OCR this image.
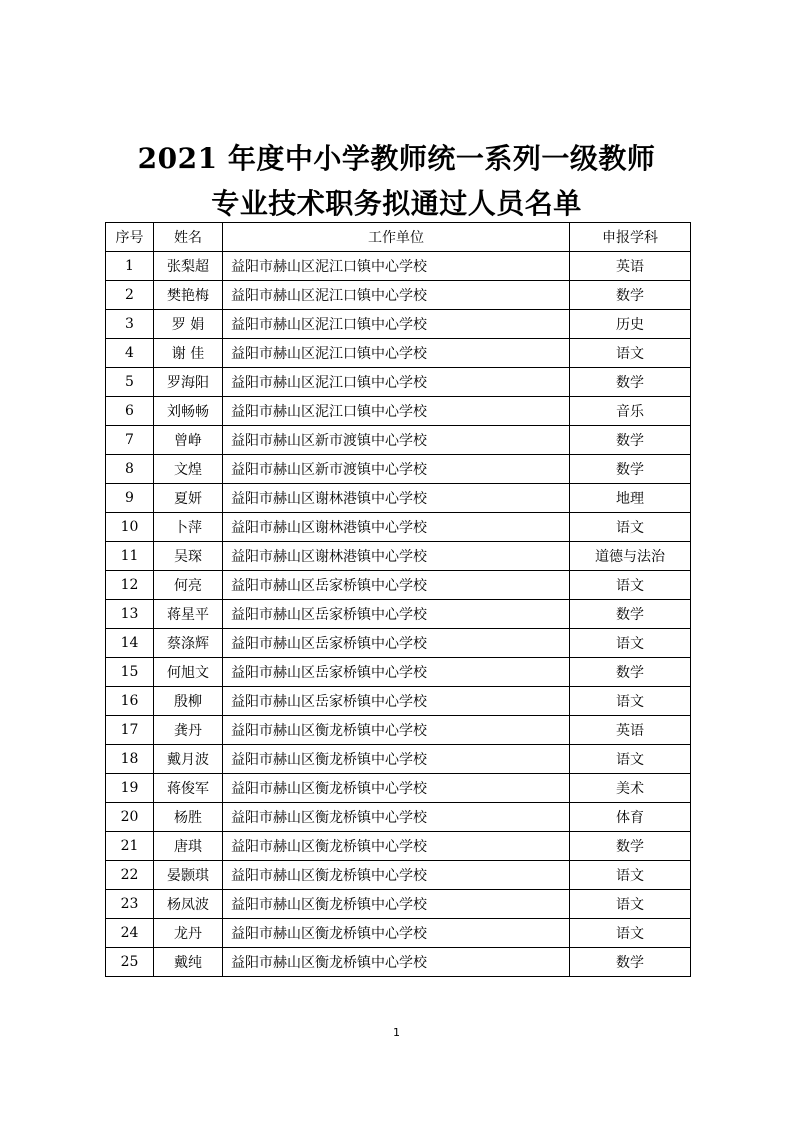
2021 年度中小学教师统一系列一级教师
专业技术职务拟通过人员名单
序号	姓名	工作单位	申报学科
1	张梨超	益阳市赫山区泥江口镇中心学校	英语
2	樊艳梅	益阳市赫山区泥江口镇中心学校	数学
3	罗 娟	益阳市赫山区泥江口镇中心学校	历史
4	谢 佳	益阳市赫山区泥江口镇中心学校	语文
5	罗海阳	益阳市赫山区泥江口镇中心学校	数学
6	刘畅畅	益阳市赫山区泥江口镇中心学校	音乐
7	曾峥	益阳市赫山区新市渡镇中心学校	数学
8	文煌	益阳市赫山区新市渡镇中心学校	数学
9	夏妍	益阳市赫山区谢林港镇中心学校	地理
10	卜萍	益阳市赫山区谢林港镇中心学校	语文
11	吴琛	益阳市赫山区谢林港镇中心学校	道德与法治
12	何亮	益阳市赫山区岳家桥镇中心学校	语文
13	蒋星平	益阳市赫山区岳家桥镇中心学校	数学
14	蔡涤辉	益阳市赫山区岳家桥镇中心学校	语文
15	何旭文	益阳市赫山区岳家桥镇中心学校	数学
16	殷柳	益阳市赫山区岳家桥镇中心学校	语文
17	龚丹	益阳市赫山区衡龙桥镇中心学校	英语
18	戴月波	益阳市赫山区衡龙桥镇中心学校	语文
19	蒋俊军	益阳市赫山区衡龙桥镇中心学校	美术
20	杨胜	益阳市赫山区衡龙桥镇中心学校	体育
21	唐琪	益阳市赫山区衡龙桥镇中心学校	数学
22	晏颢琪	益阳市赫山区衡龙桥镇中心学校	语文
23	杨凤波	益阳市赫山区衡龙桥镇中心学校	语文
24	龙丹	益阳市赫山区衡龙桥镇中心学校	语文
25	戴纯	益阳市赫山区衡龙桥镇中心学校	数学
1
